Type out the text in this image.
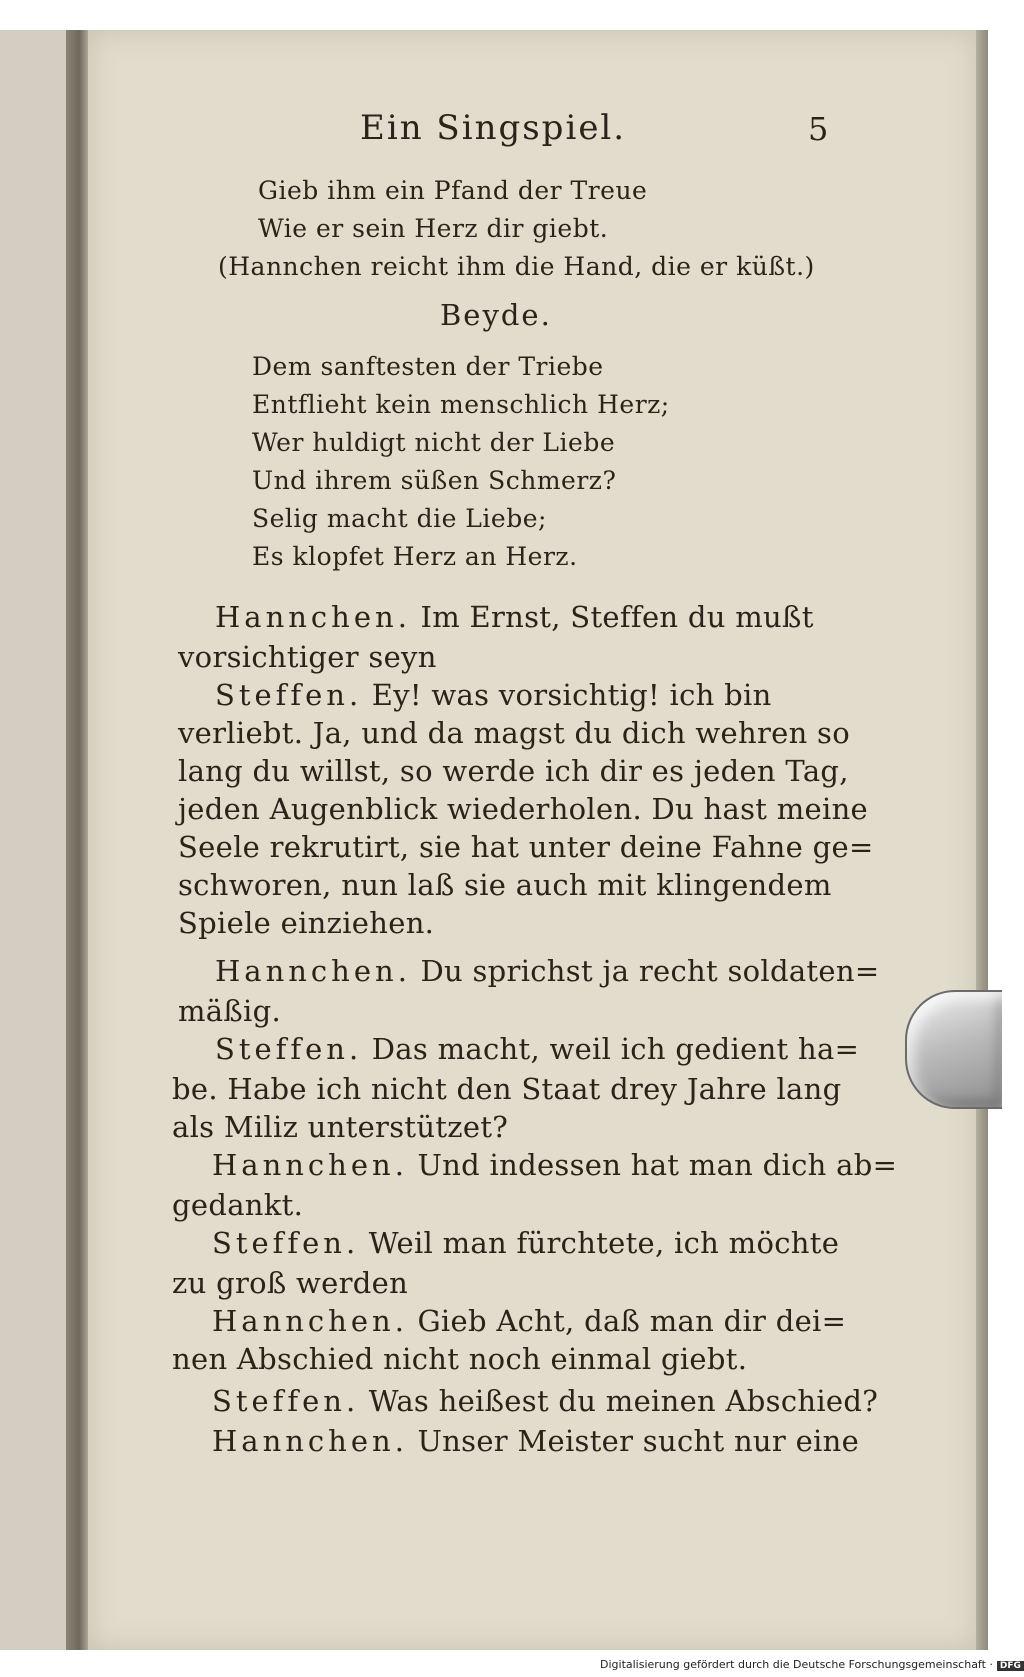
Ein Singspiel.	5
Gieb ihm ein Pfand der Treue
Wie er sein Herz dir giebt.
(Hannchen reicht ihm die Hand, die er küßt.)
Beyde.
Dem sanftesten der Triebe
Entflieht kein menschlich Herz;
Wer huldigt nicht der Liebe
Und ihrem süßen Schmerz?
Selig macht die Liebe;
Es klopfet Herz an Herz.
Hannchen. Im Ernst, Steffen du mußt
vorsichtiger seyn
Steffen. Ey! was vorsichtig! ich bin
verliebt. Ja, und da magst du dich wehren so
lang du willst, so werde ich dir es jeden Tag,
jeden Augenblick wiederholen. Du hast meine
Seele rekrutirt, sie hat unter deine Fahne ge=
schworen, nun laß sie auch mit klingendem
Spiele einziehen.
Hannchen. Du sprichst ja recht soldaten=
mäßig.
Steffen. Das macht, weil ich gedient ha=
be. Habe ich nicht den Staat drey Jahre lang
als Miliz unterstützet?
Hannchen. Und indessen hat man dich ab=
gedankt.
Steffen. Weil man fürchtete, ich möchte
zu groß werden
Hannchen. Gieb Acht, daß man dir dei=
nen Abschied nicht noch einmal giebt.
Steffen. Was heißest du meinen Abschied?
Hannchen. Unser Meister sucht nur eine
Digitalisierung gefördert durch die Deutsche Forschungsgemeinschaft · DFG
